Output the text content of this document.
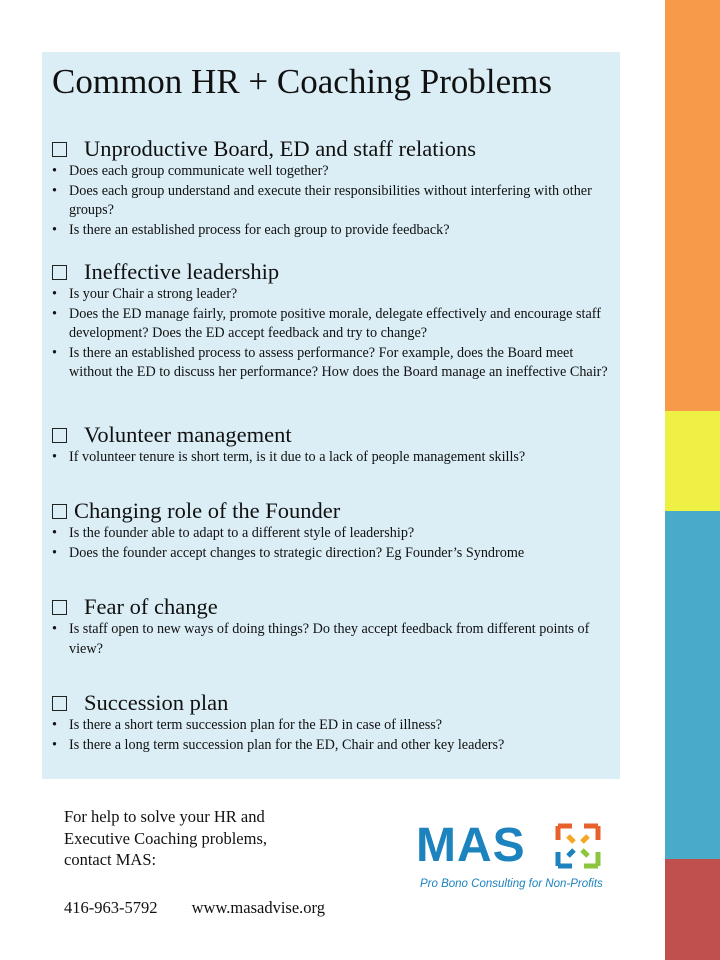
Common HR + Coaching Problems
Unproductive Board, ED and staff relations
• Does each group communicate well together?
• Does each group understand and execute their responsibilities without interfering with other groups?
• Is there an established process for each group to provide feedback?
Ineffective leadership
• Is your Chair a strong leader?
• Does the ED manage fairly, promote positive morale, delegate effectively and encourage staff development? Does the ED accept feedback and try to change?
• Is there an established process to assess performance? For example, does the Board meet without the ED to discuss her performance? How does the Board manage an ineffective Chair?
Volunteer management
• If volunteer tenure is short term, is it due to a lack of people management skills?
Changing role of the Founder
• Is the founder able to adapt to a different style of leadership?
• Does the founder accept changes to strategic direction? Eg Founder’s Syndrome
Fear of change
• Is staff open to new ways of doing things? Do they accept feedback from different points of view?
Succession plan
• Is there a short term succession plan for the ED in case of illness?
• Is there a long term succession plan for the ED, Chair and other key leaders?
For help to solve your HR and
Executive Coaching problems,
contact MAS:
416-963-5792 www.masadvise.org
MAS
Pro Bono Consulting for Non-Profits
